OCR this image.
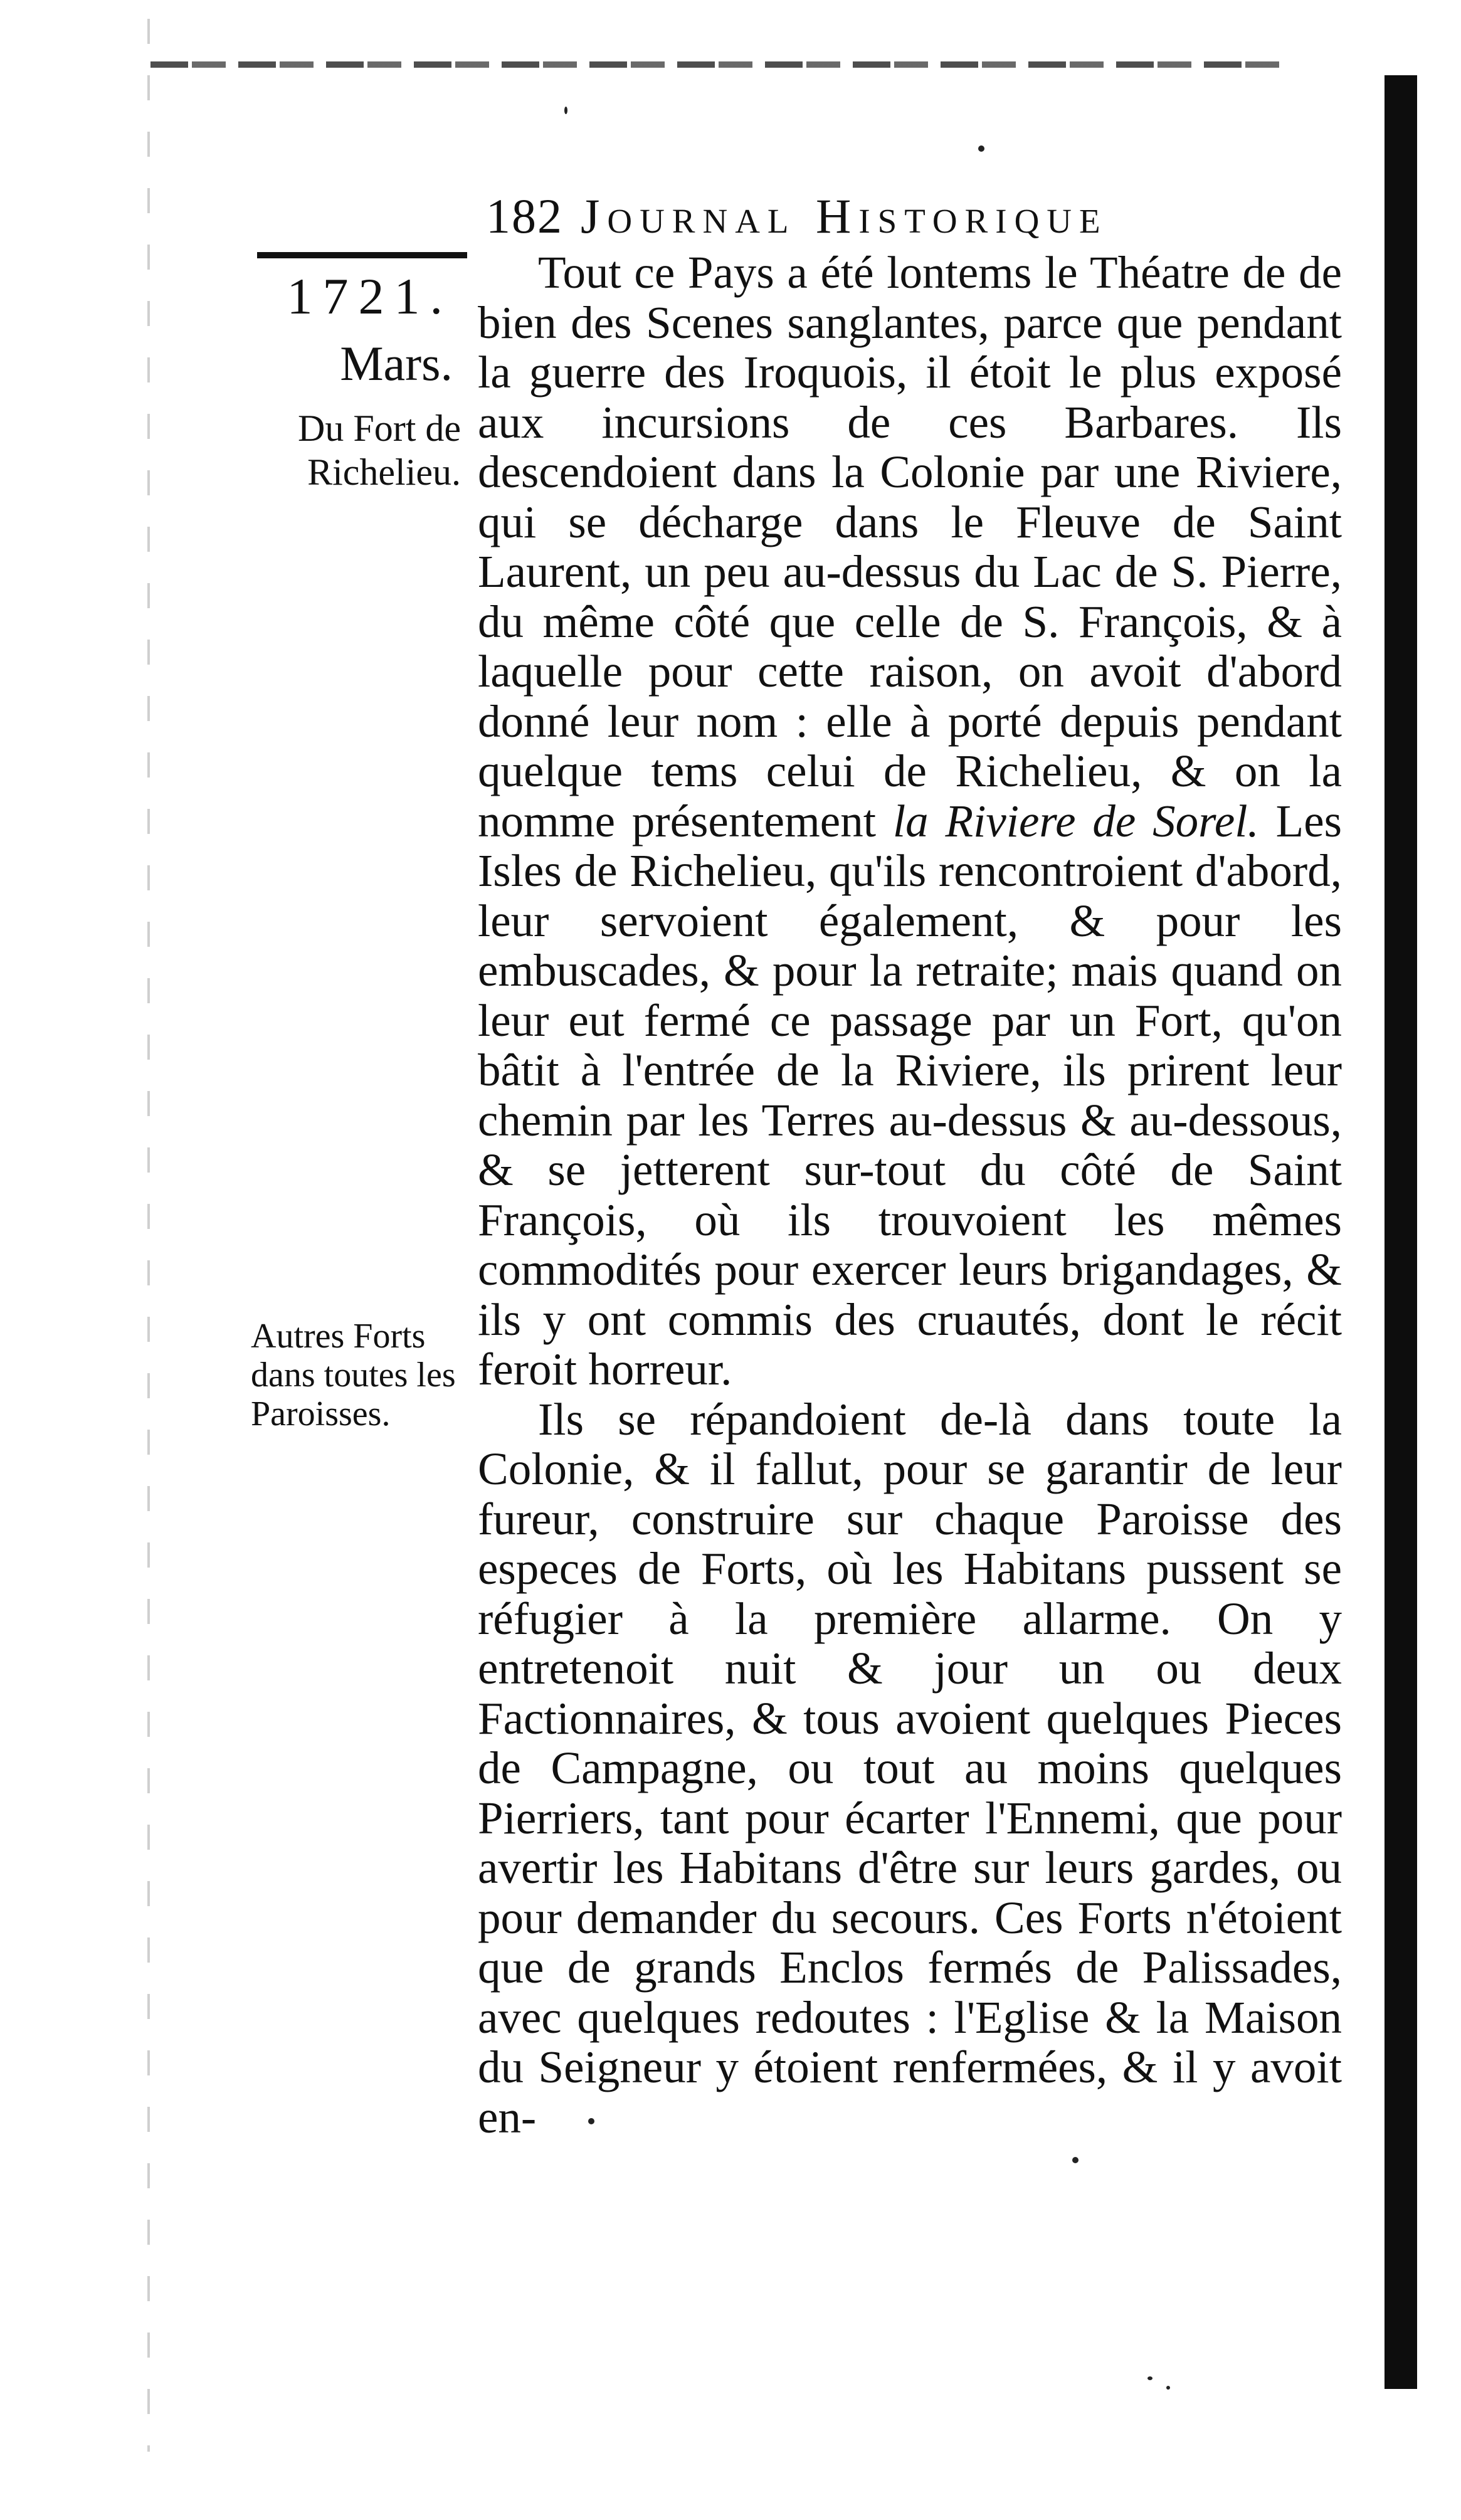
182 Journal Historique
1721.
Mars.
Du Fort de Richelieu.
Autres Forts dans toutes les Paroisses.

Tout ce Pays a été lontems le Théatre de de bien des Scenes sanglantes, parce que pendant la guerre des Iroquois, il étoit le plus exposé aux incursions de ces Barbares. Ils descendoient dans la Colonie par une Riviere, qui se décharge dans le Fleuve de Saint Laurent, un peu au-dessus du Lac de S. Pierre, du même côté que celle de S. François, & à laquelle pour cette raison, on avoit d'abord donné leur nom : elle à porté depuis pendant quelque tems celui de Richelieu, & on la nomme présentement la Riviere de Sorel. Les Isles de Richelieu, qu'ils rencontroient d'abord, leur servoient également, & pour les embuscades, & pour la retraite; mais quand on leur eut fermé ce passage par un Fort, qu'on bâtit à l'entrée de la Riviere, ils prirent leur chemin par les Terres au-dessus & au-dessous, & se jetterent sur-tout du côté de Saint François, où ils trouvoient les mêmes commodités pour exercer leurs brigandages, & ils y ont commis des cruautés, dont le récit feroit horreur.

Ils se répandoient de-là dans toute la Colonie, & il fallut, pour se garantir de leur fureur, construire sur chaque Paroisse des especes de Forts, où les Habitans pussent se réfugier à la première allarme. On y entretenoit nuit & jour un ou deux Factionnaires, & tous avoient quelques Pieces de Campagne, ou tout au moins quelques Pierriers, tant pour écarter l'Ennemi, que pour avertir les Habitans d'être sur leurs gardes, ou pour demander du secours. Ces Forts n'étoient que de grands Enclos fermés de Palissades, avec quelques redoutes : l'Eglise & la Maison du Seigneur y étoient renfermées, & il y avoit en-
